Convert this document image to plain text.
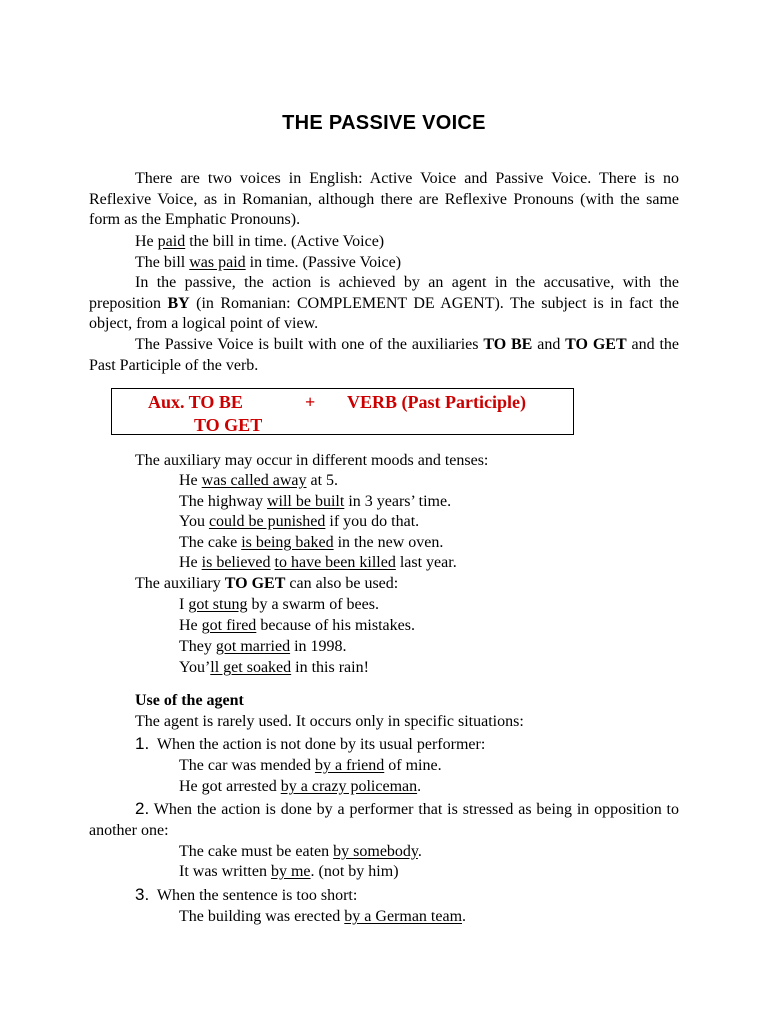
THE PASSIVE VOICE
There are two voices in English: Active Voice and Passive Voice. There is no Reflexive Voice, as in Romanian, although there are Reflexive Pronouns (with the same form as the Emphatic Pronouns).
He paid the bill in time. (Active Voice)
The bill was paid in time. (Passive Voice)
In the passive, the action is achieved by an agent in the accusative, with the preposition BY (in Romanian: COMPLEMENT DE AGENT). The subject is in fact the object, from a logical point of view.
The Passive Voice is built with one of the auxiliaries TO BE and TO GET and the Past Participle of the verb.
Aux. TO BE	+ VERB (Past Participle)
TO GET
The auxiliary may occur in different moods and tenses:
He was called away at 5.
The highway will be built in 3 years’ time.
You could be punished if you do that.
The cake is being baked in the new oven.
He is believed to have been killed last year.
The auxiliary TO GET can also be used:
I got stung by a swarm of bees.
He got fired because of his mistakes.
They got married in 1998.
You’ll get soaked in this rain!
Use of the agent
The agent is rarely used. It occurs only in specific situations:
1. When the action is not done by its usual performer:
The car was mended by a friend of mine.
He got arrested by a crazy policeman.
2. When the action is done by a performer that is stressed as being in opposition to another one:
The cake must be eaten by somebody.
It was written by me. (not by him)
3. When the sentence is too short:
The building was erected by a German team.
